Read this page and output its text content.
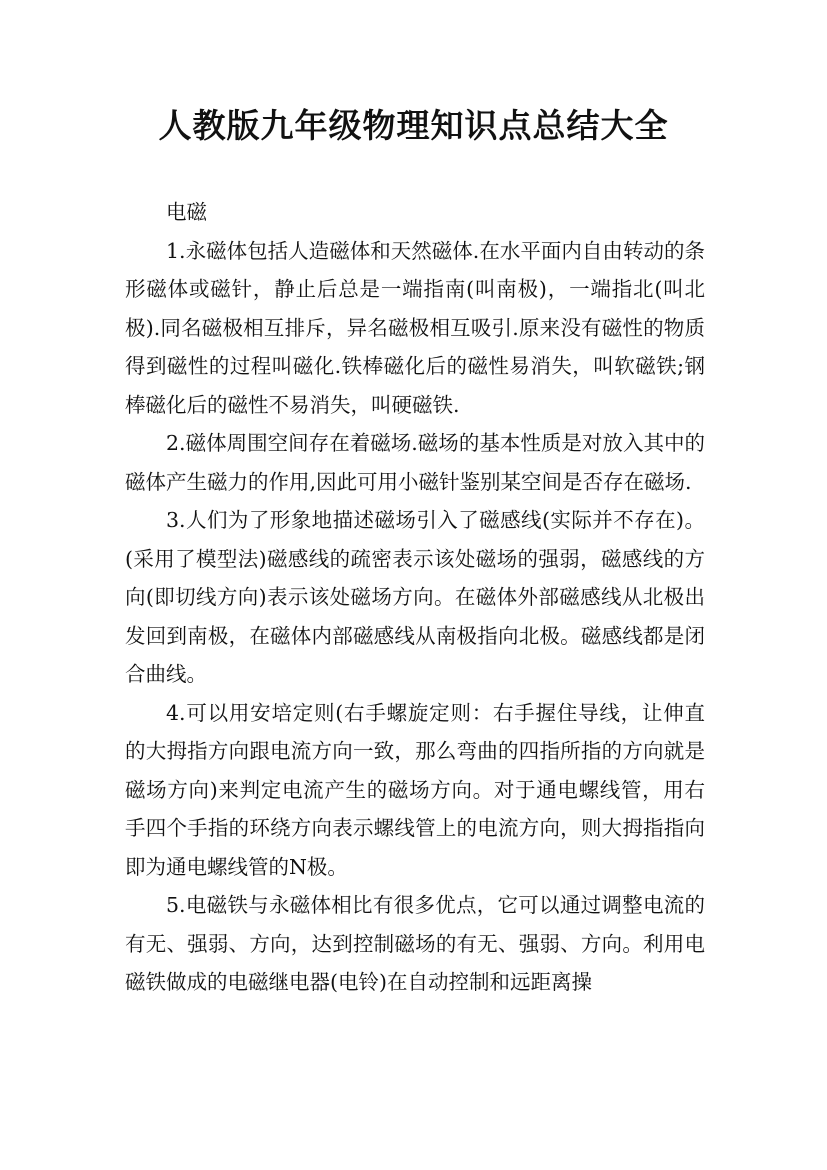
人教版九年级物理知识点总结大全

电磁

1.永磁体包括人造磁体和天然磁体.在水平面内自由转动的条形磁体或磁针，静止后总是一端指南(叫南极)，一端指北(叫北极).同名磁极相互排斥，异名磁极相互吸引.原来没有磁性的物质得到磁性的过程叫磁化.铁棒磁化后的磁性易消失，叫软磁铁;钢棒磁化后的磁性不易消失，叫硬磁铁.

2.磁体周围空间存在着磁场.磁场的基本性质是对放入其中的磁体产生磁力的作用,因此可用小磁针鉴别某空间是否存在磁场.

3.人们为了形象地描述磁场引入了磁感线(实际并不存在)。(采用了模型法)磁感线的疏密表示该处磁场的强弱，磁感线的方向(即切线方向)表示该处磁场方向。在磁体外部磁感线从北极出发回到南极，在磁体内部磁感线从南极指向北极。磁感线都是闭合曲线。

4.可以用安培定则(右手螺旋定则：右手握住导线，让伸直的大拇指方向跟电流方向一致，那么弯曲的四指所指的方向就是磁场方向)来判定电流产生的磁场方向。对于通电螺线管，用右手四个手指的环绕方向表示螺线管上的电流方向，则大拇指指向即为通电螺线管的N极。

5.电磁铁与永磁体相比有很多优点，它可以通过调整电流的有无、强弱、方向，达到控制磁场的有无、强弱、方向。利用电磁铁做成的电磁继电器(电铃)在自动控制和远距离操
